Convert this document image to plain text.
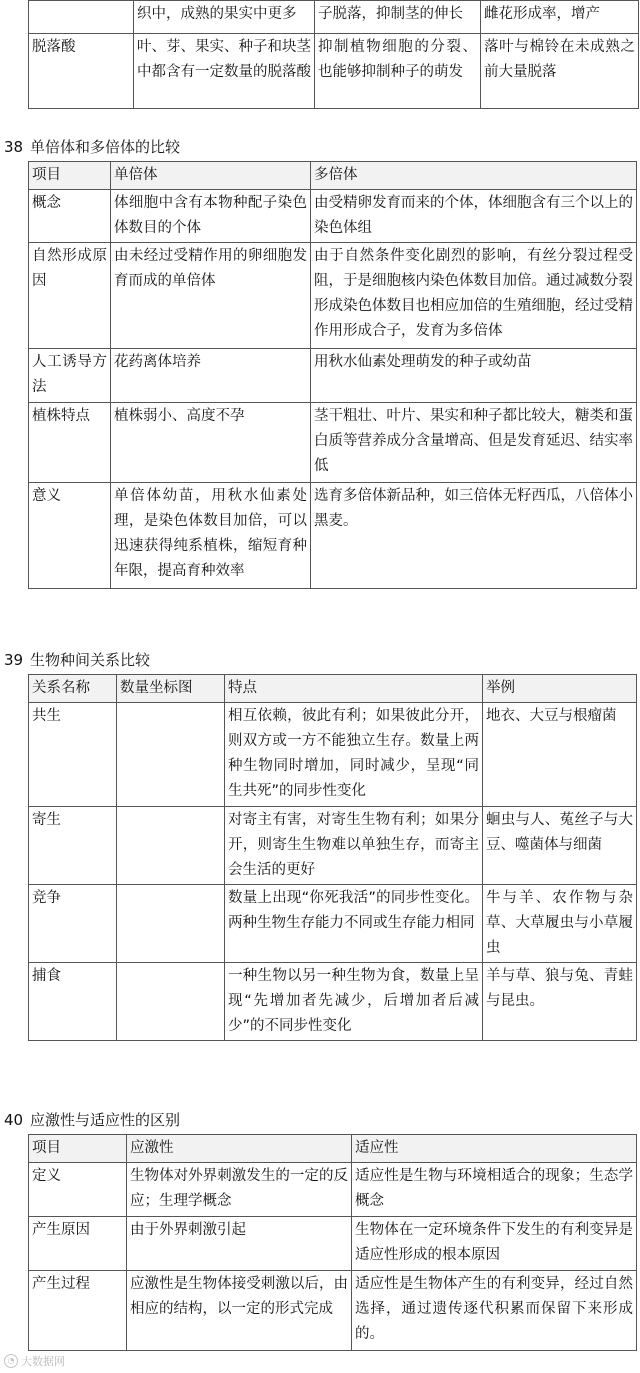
	织中，成熟的果实中更多	子脱落，抑制茎的伸长	雌花形成率，增产
脱落酸	叶、芽、果实、种子和块茎中都含有一定数量的脱落酸	抑制植物细胞的分裂、也能够抑制种子的萌发	落叶与棉铃在未成熟之前大量脱落
38 单倍体和多倍体的比较
项目	单倍体	多倍体
概念	体细胞中含有本物种配子染色体数目的个体	由受精卵发育而来的个体，体细胞含有三个以上的染色体组
自然形成原因	由未经过受精作用的卵细胞发育而成的单倍体	由于自然条件变化剧烈的影响，有丝分裂过程受阻，于是细胞核内染色体数目加倍。通过减数分裂形成染色体数目也相应加倍的生殖细胞，经过受精作用形成合子，发育为多倍体
人工诱导方法	花药离体培养	用秋水仙素处理萌发的种子或幼苗
植株特点	植株弱小、高度不孕	茎干粗壮、叶片、果实和种子都比较大，糖类和蛋白质等营养成分含量增高、但是发育延迟、结实率低
意义	单倍体幼苗，用秋水仙素处理，是染色体数目加倍，可以迅速获得纯系植株，缩短育种年限，提高育种效率	选育多倍体新品种，如三倍体无籽西瓜，八倍体小黑麦。
39 生物种间关系比较
关系名称	数量坐标图	特点	举例
共生		相互依赖，彼此有利；如果彼此分开，则双方或一方不能独立生存。数量上两种生物同时增加，同时减少，呈现“同生共死”的同步性变化	地衣、大豆与根瘤菌
寄生		对寄主有害，对寄生生物有利；如果分开，则寄生生物难以单独生存，而寄主会生活的更好	蛔虫与人、菟丝子与大豆、噬菌体与细菌
竞争		数量上出现“你死我活”的同步性变化。两种生物生存能力不同或生存能力相同	牛与羊、农作物与杂草、大草履虫与小草履虫
捕食		一种生物以另一种生物为食，数量上呈现“先增加者先减少，后增加者后减少”的不同步性变化	羊与草、狼与兔、青蛙与昆虫。
40 应激性与适应性的区别
项目	应激性	适应性
定义	生物体对外界刺激发生的一定的反应；生理学概念	适应性是生物与环境相适合的现象；生态学概念
产生原因	由于外界刺激引起	生物体在一定环境条件下发生的有利变异是适应性形成的根本原因
产生过程	应激性是生物体接受刺激以后，由相应的结构，以一定的形式完成	适应性是生物体产生的有利变异，经过自然选择，通过遗传逐代积累而保留下来形成的。
◔ 大数据网
